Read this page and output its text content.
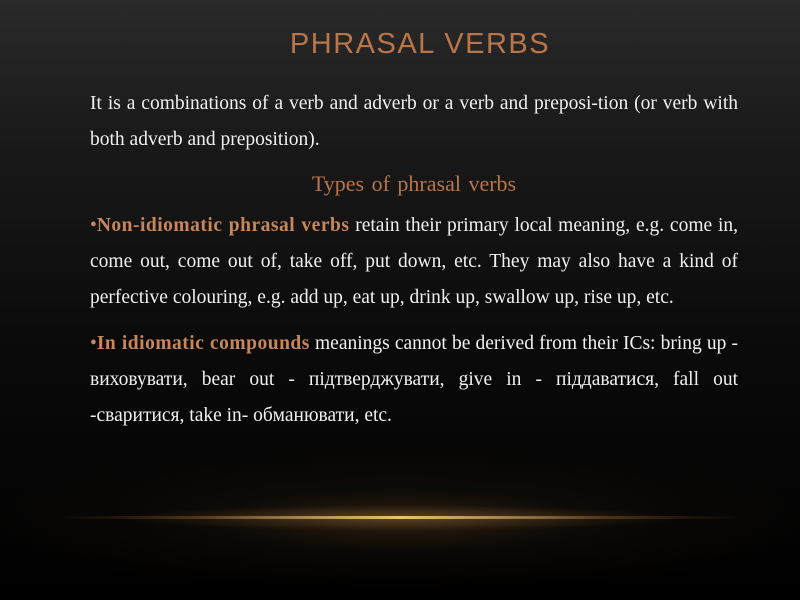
PHRASAL VERBS

It is a combinations of a verb and adverb or a verb and preposi-tion (or verb with both adverb and preposition).

Types of phrasal verbs

•Non-idiomatic phrasal verbs retain their primary local meaning, e.g. come in, come out, come out of, take off, put down, etc. They may also have a kind of perfective colouring, e.g. add up, eat up, drink up, swallow up, rise up, etc.

•In idiomatic compounds meanings cannot be derived from their ICs: bring up - виховувати, bear out - підтверджувати, give in - піддаватися, fall out -сваритися, take in- обманювати, etc.
